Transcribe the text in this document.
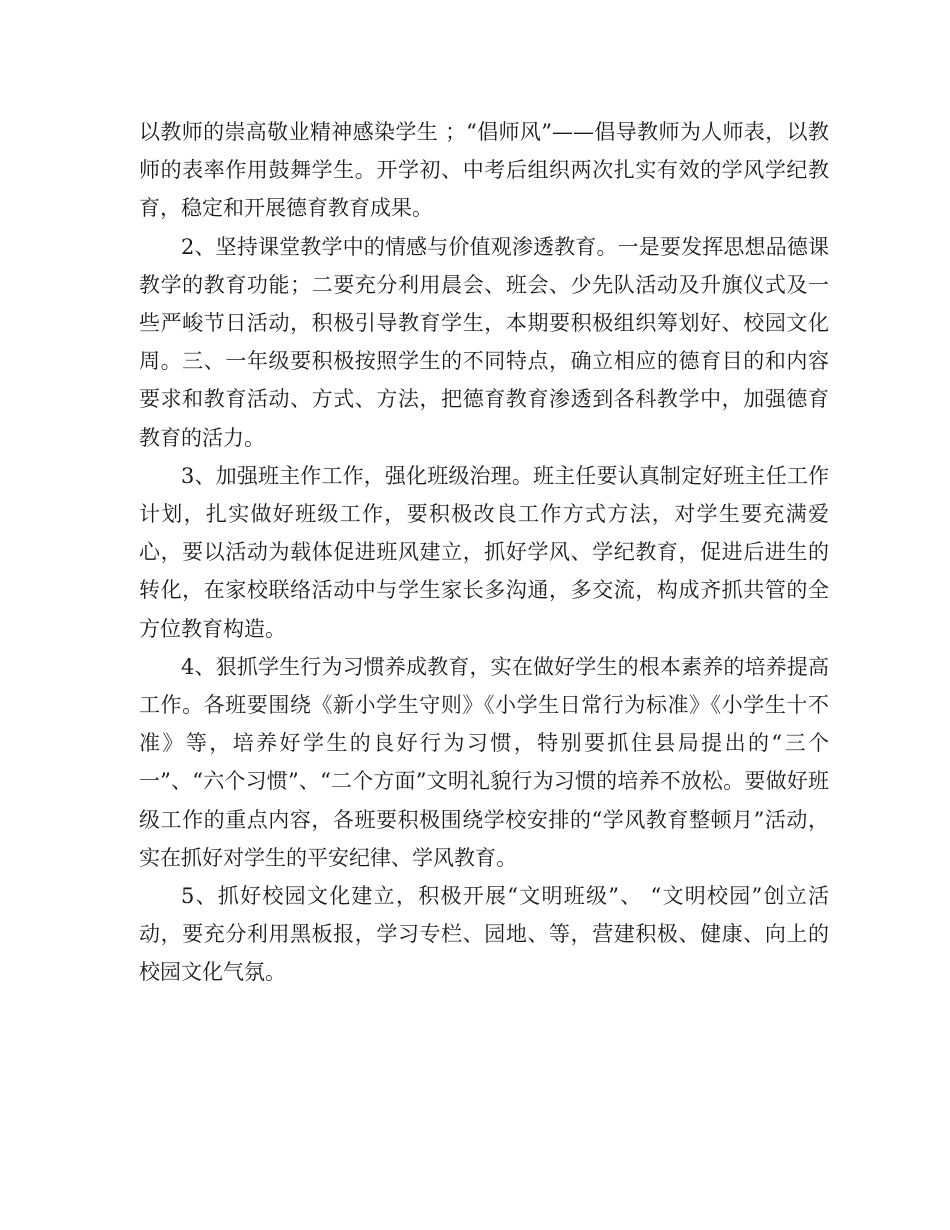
以教师的崇高敬业精神感染学生 ；“倡师风”——倡导教师为人师表，以教师的表率作用鼓舞学生。开学初、中考后组织两次扎实有效的学风学纪教育，稳定和开展德育教育成果。

2、坚持课堂教学中的情感与价值观渗透教育。一是要发挥思想品德课教学的教育功能；二要充分利用晨会、班会、少先队活动及升旗仪式及一些严峻节日活动，积极引导教育学生，本期要积极组织筹划好、校园文化周。三、一年级要积极按照学生的不同特点，确立相应的德育目的和内容要求和教育活动、方式、方法，把德育教育渗透到各科教学中，加强德育教育的活力。

3、加强班主作工作，强化班级治理。班主任要认真制定好班主任工作计划，扎实做好班级工作，要积极改良工作方式方法，对学生要充满爱心，要以活动为载体促进班风建立，抓好学风、学纪教育，促进后进生的转化，在家校联络活动中与学生家长多沟通，多交流，构成齐抓共管的全方位教育构造。

4、狠抓学生行为习惯养成教育，实在做好学生的根本素养的培养提高工作。各班要围绕《新小学生守则》《小学生日常行为标准》《小学生十不准》等，培养好学生的良好行为习惯，特别要抓住县局提出的“三个一”、“六个习惯”、“二个方面”文明礼貌行为习惯的培养不放松。要做好班级工作的重点内容，各班要积极围绕学校安排的“学风教育整顿月”活动，实在抓好对学生的平安纪律、学风教育。

5、抓好校园文化建立，积极开展“文明班级”、 “文明校园”创立活动，要充分利用黑板报，学习专栏、园地、等，营建积极、健康、向上的校园文化气氛。
